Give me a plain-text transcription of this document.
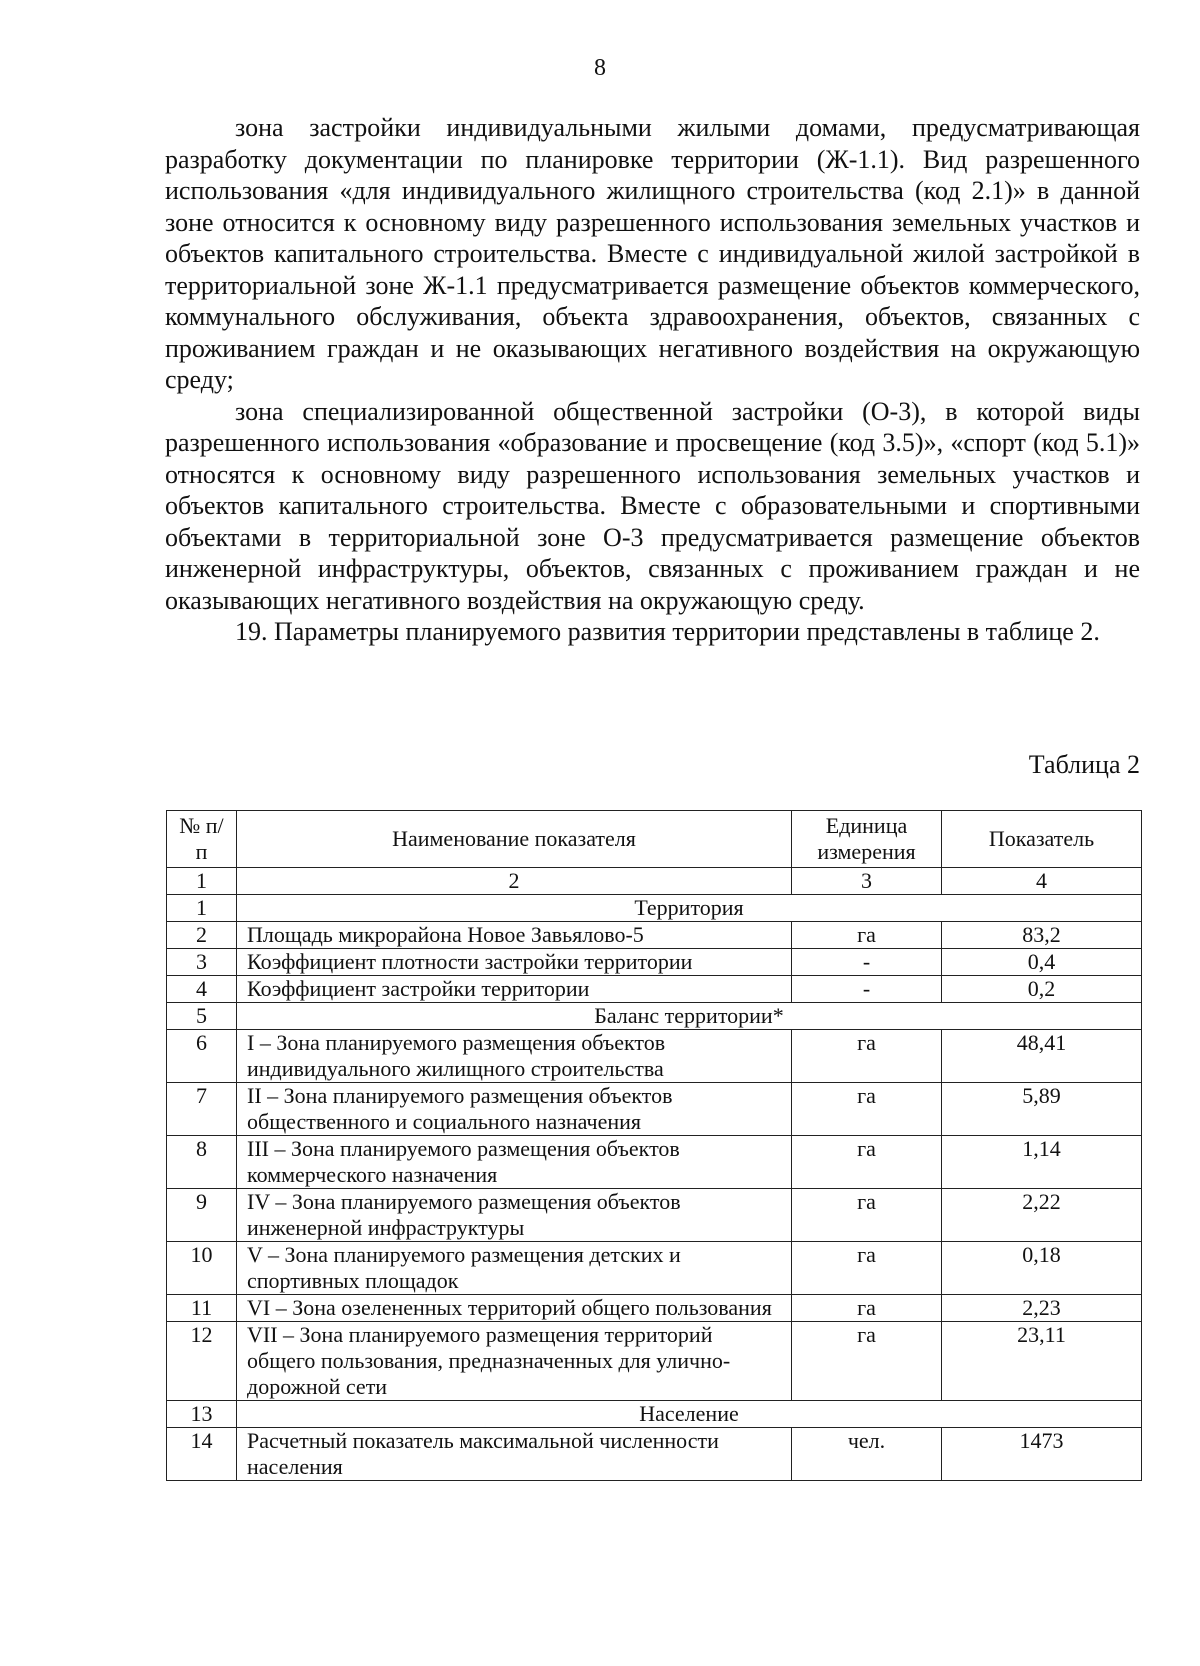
8

зона застройки индивидуальными жилыми домами, предусматривающая разработку документации по планировке территории (Ж-1.1). Вид разрешенного использования «для индивидуального жилищного строительства (код 2.1)» в данной зоне относится к основному виду разрешенного использования земельных участков и объектов капитального строительства. Вместе с индивидуальной жилой застройкой в территориальной зоне Ж-1.1 предусматривается размещение объектов коммерческого, коммунального обслуживания, объекта здравоохранения, объектов, связанных с проживанием граждан и не оказывающих негативного воздействия на окружающую среду;

зона специализированной общественной застройки (О-3), в которой виды разрешенного использования «образование и просвещение (код 3.5)», «спорт (код 5.1)» относятся к основному виду разрешенного использования земельных участков и объектов капитального строительства. Вместе с образовательными и спортивными объектами в территориальной зоне О-3 предусматривается размещение объектов инженерной инфраструктуры, объектов, связанных с проживанием граждан и не оказывающих негативного воздействия на окружающую среду.

19. Параметры планируемого развития территории представлены в таблице 2.

Таблица 2
№ п/п	Наименование показателя	Единица измерения	Показатель
1	2	3	4
1	Территория		
2	Площадь микрорайона Новое Завьялово-5	га	83,2
3	Коэффициент плотности застройки территории	-	0,4
4	Коэффициент застройки территории	-	0,2
5	Баланс территории*		
6	I – Зона планируемого размещения объектов индивидуального жилищного строительства	га	48,41
7	II – Зона планируемого размещения объектов общественного и социального назначения	га	5,89
8	III – Зона планируемого размещения объектов коммерческого назначения	га	1,14
9	IV – Зона планируемого размещения объектов инженерной инфраструктуры	га	2,22
10	V – Зона планируемого размещения детских и спортивных площадок	га	0,18
11	VI – Зона озелененных территорий общего пользования	га	2,23
12	VII – Зона планируемого размещения территорий общего пользования, предназначенных для улично-дорожной сети	га	23,11
13	Население		
14	Расчетный показатель максимальной численности населения	чел.	1473
